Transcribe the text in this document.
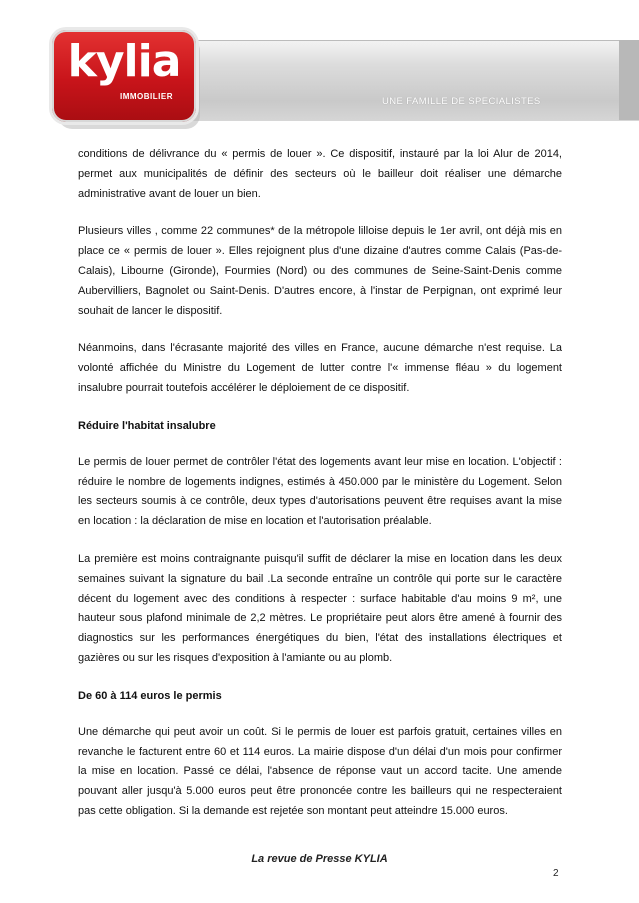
kylia
IMMOBILIER	UNE FAMILLE DE SPECIALISTES

conditions de délivrance du « permis de louer ». Ce dispositif, instauré par la loi Alur de 2014, permet aux municipalités de définir des secteurs où le bailleur doit réaliser une démarche administrative avant de louer un bien.

Plusieurs villes , comme 22 communes* de la métropole lilloise depuis le 1er avril, ont déjà mis en place ce « permis de louer ». Elles rejoignent plus d'une dizaine d'autres comme Calais (Pas-de-Calais), Libourne (Gironde), Fourmies (Nord) ou des communes de Seine-Saint-Denis comme Aubervilliers, Bagnolet ou Saint-Denis. D'autres encore, à l'instar de Perpignan, ont exprimé leur souhait de lancer le dispositif.

Néanmoins, dans l'écrasante majorité des villes en France, aucune démarche n'est requise. La volonté affichée du Ministre du Logement de lutter contre l'« immense fléau » du logement insalubre pourrait toutefois accélérer le déploiement de ce dispositif.

Réduire l'habitat insalubre

Le permis de louer permet de contrôler l'état des logements avant leur mise en location. L'objectif : réduire le nombre de logements indignes, estimés à 450.000 par le ministère du Logement. Selon les secteurs soumis à ce contrôle, deux types d'autorisations peuvent être requises avant la mise en location : la déclaration de mise en location et l'autorisation préalable.

La première est moins contraignante puisqu'il suffit de déclarer la mise en location dans les deux semaines suivant la signature du bail .La seconde entraîne un contrôle qui porte sur le caractère décent du logement avec des conditions à respecter : surface habitable d'au moins 9 m², une hauteur sous plafond minimale de 2,2 mètres. Le propriétaire peut alors être amené à fournir des diagnostics sur les performances énergétiques du bien, l'état des installations électriques et gazières ou sur les risques d'exposition à l'amiante ou au plomb.

De 60 à 114 euros le permis

Une démarche qui peut avoir un coût. Si le permis de louer est parfois gratuit, certaines villes en revanche le facturent entre 60 et 114 euros. La mairie dispose d'un délai d'un mois pour confirmer la mise en location. Passé ce délai, l'absence de réponse vaut un accord tacite. Une amende pouvant aller jusqu'à 5.000 euros peut être prononcée contre les bailleurs qui ne respecteraient pas cette obligation. Si la demande est rejetée son montant peut atteindre 15.000 euros.

La revue de Presse KYLIA
2
